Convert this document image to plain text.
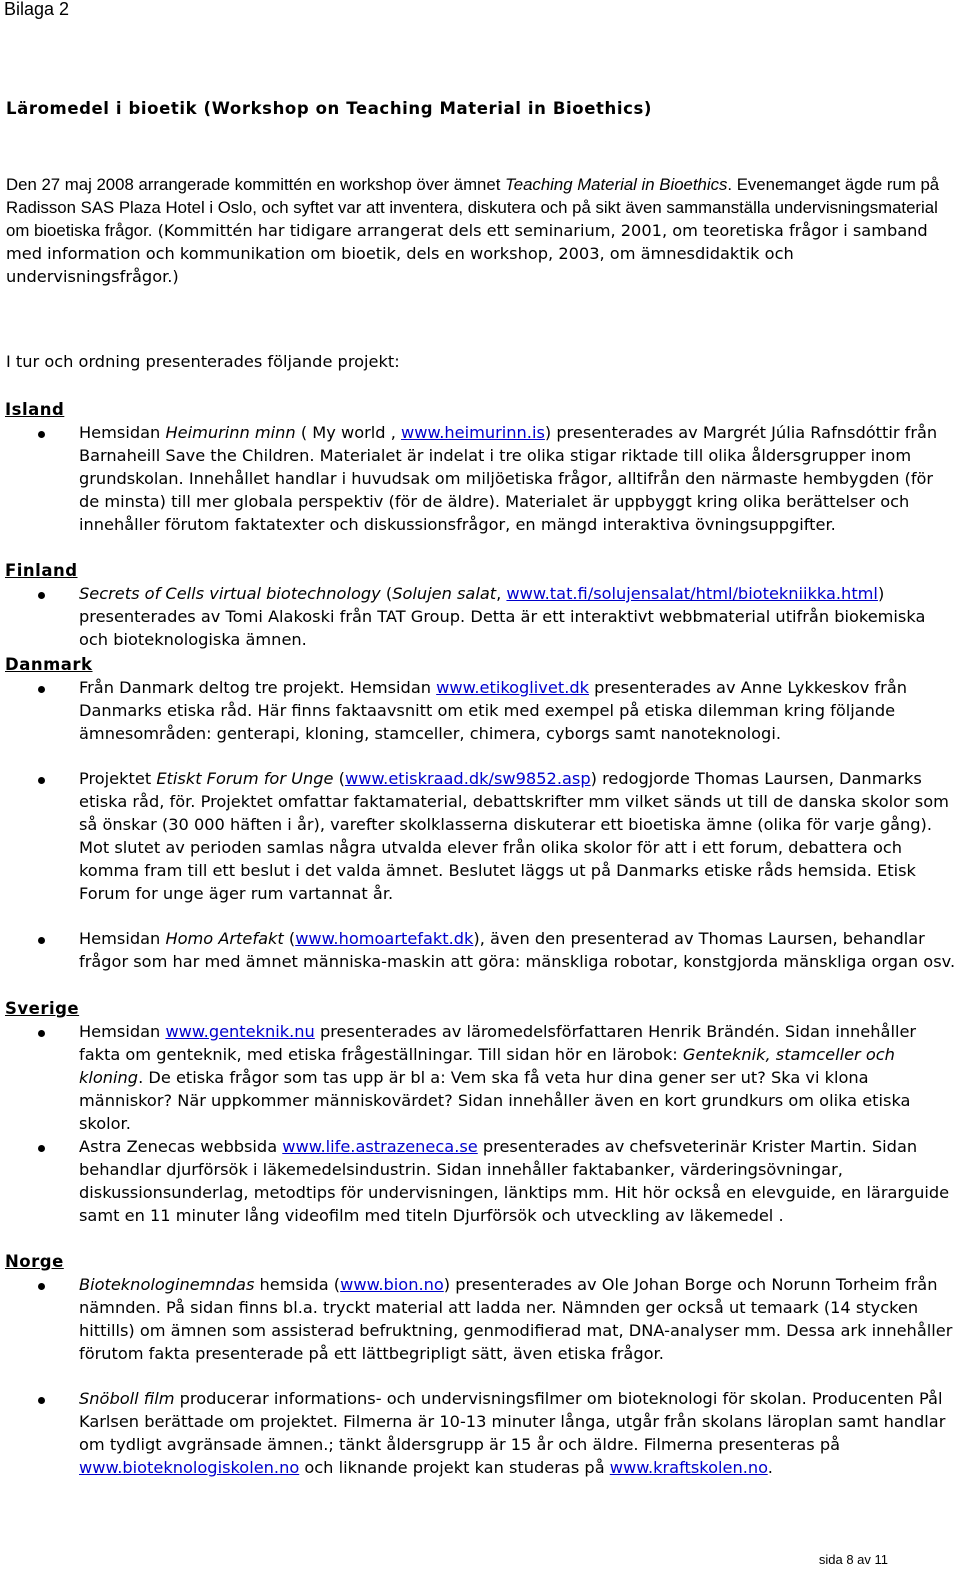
Bilaga 2
Läromedel i bioetik (Workshop on Teaching Material in Bioethics)

Den 27 maj 2008 arrangerade kommittén en workshop över ämnet Teaching Material in Bioethics. Evenemanget ägde rum på Radisson SAS Plaza Hotel i Oslo, och syftet var att inventera, diskutera och på sikt även sammanställa undervisningsmaterial om bioetiska frågor. (Kommittén har tidigare arrangerat dels ett seminarium, 2001, om teoretiska frågor i samband med information och kommunikation om bioetik, dels en workshop, 2003, om ämnesdidaktik och undervisningsfrågor.)

I tur och ordning presenterades följande projekt:

Island

Hemsidan Heimurinn minn ( My world , www.heimurinn.is) presenterades av Margrét Júlia Rafnsdóttir från Barnaheill Save the Children. Materialet är indelat i tre olika stigar riktade till olika åldersgrupper inom grundskolan. Innehållet handlar i huvudsak om miljöetiska frågor, alltifrån den närmaste hembygden (för de minsta) till mer globala perspektiv (för de äldre). Materialet är uppbyggt kring olika berättelser och innehåller förutom faktatexter och diskussionsfrågor, en mängd interaktiva övningsuppgifter.

Finland

Secrets of Cells virtual biotechnology (Solujen salat, www.tat.fi/solujensalat/html/biotekniikka.html) presenterades av Tomi Alakoski från TAT Group. Detta är ett interaktivt webbmaterial utifrån biokemiska och bioteknologiska ämnen.

Danmark

Från Danmark deltog tre projekt. Hemsidan www.etikoglivet.dk presenterades av Anne Lykkeskov från Danmarks etiska råd. Här finns faktaavsnitt om etik med exempel på etiska dilemman kring följande ämnesområden: genterapi, kloning, stamceller, chimera, cyborgs samt nanoteknologi.

Projektet Etiskt Forum for Unge (www.etiskraad.dk/sw9852.asp) redogjorde Thomas Laursen, Danmarks etiska råd, för. Projektet omfattar faktamaterial, debattskrifter mm vilket sänds ut till de danska skolor som så önskar (30 000 häften i år), varefter skolklasserna diskuterar ett bioetiska ämne (olika för varje gång). Mot slutet av perioden samlas några utvalda elever från olika skolor för att i ett forum, debattera och komma fram till ett beslut i det valda ämnet. Beslutet läggs ut på Danmarks etiske råds hemsida. Etisk Forum for unge äger rum vartannat år.

Hemsidan Homo Artefakt (www.homoartefakt.dk), även den presenterad av Thomas Laursen, behandlar frågor som har med ämnet människa-maskin att göra: mänskliga robotar, konstgjorda mänskliga organ osv.

Sverige

Hemsidan www.genteknik.nu presenterades av läromedelsförfattaren Henrik Brändén. Sidan innehåller fakta om genteknik, med etiska frågeställningar. Till sidan hör en lärobok: Genteknik, stamceller och kloning. De etiska frågor som tas upp är bl a: Vem ska få veta hur dina gener ser ut? Ska vi klona människor? När uppkommer människovärdet? Sidan innehåller även en kort grundkurs om olika etiska skolor.

Astra Zenecas webbsida www.life.astrazeneca.se presenterades av chefsveterinär Krister Martin. Sidan behandlar djurförsök i läkemedelsindustrin. Sidan innehåller faktabanker, värderingsövningar, diskussionsunderlag, metodtips för undervisningen, länktips mm. Hit hör också en elevguide, en lärarguide samt en 11 minuter lång videofilm med titeln Djurförsök och utveckling av läkemedel .

Norge

Bioteknologinemndas hemsida (www.bion.no) presenterades av Ole Johan Borge och Norunn Torheim från nämnden. På sidan finns bl.a. tryckt material att ladda ner. Nämnden ger också ut temaark (14 stycken hittills) om ämnen som assisterad befruktning, genmodifierad mat, DNA-analyser mm. Dessa ark innehåller förutom fakta presenterade på ett lättbegripligt sätt, även etiska frågor.

Snöboll film producerar informations- och undervisningsfilmer om bioteknologi för skolan. Producenten Pål Karlsen berättade om projektet. Filmerna är 10-13 minuter långa, utgår från skolans läroplan samt handlar om tydligt avgränsade ämnen.; tänkt åldersgrupp är 15 år och äldre. Filmerna presenteras på www.bioteknologiskolen.no och liknande projekt kan studeras på www.kraftskolen.no.

sida 8 av 11
